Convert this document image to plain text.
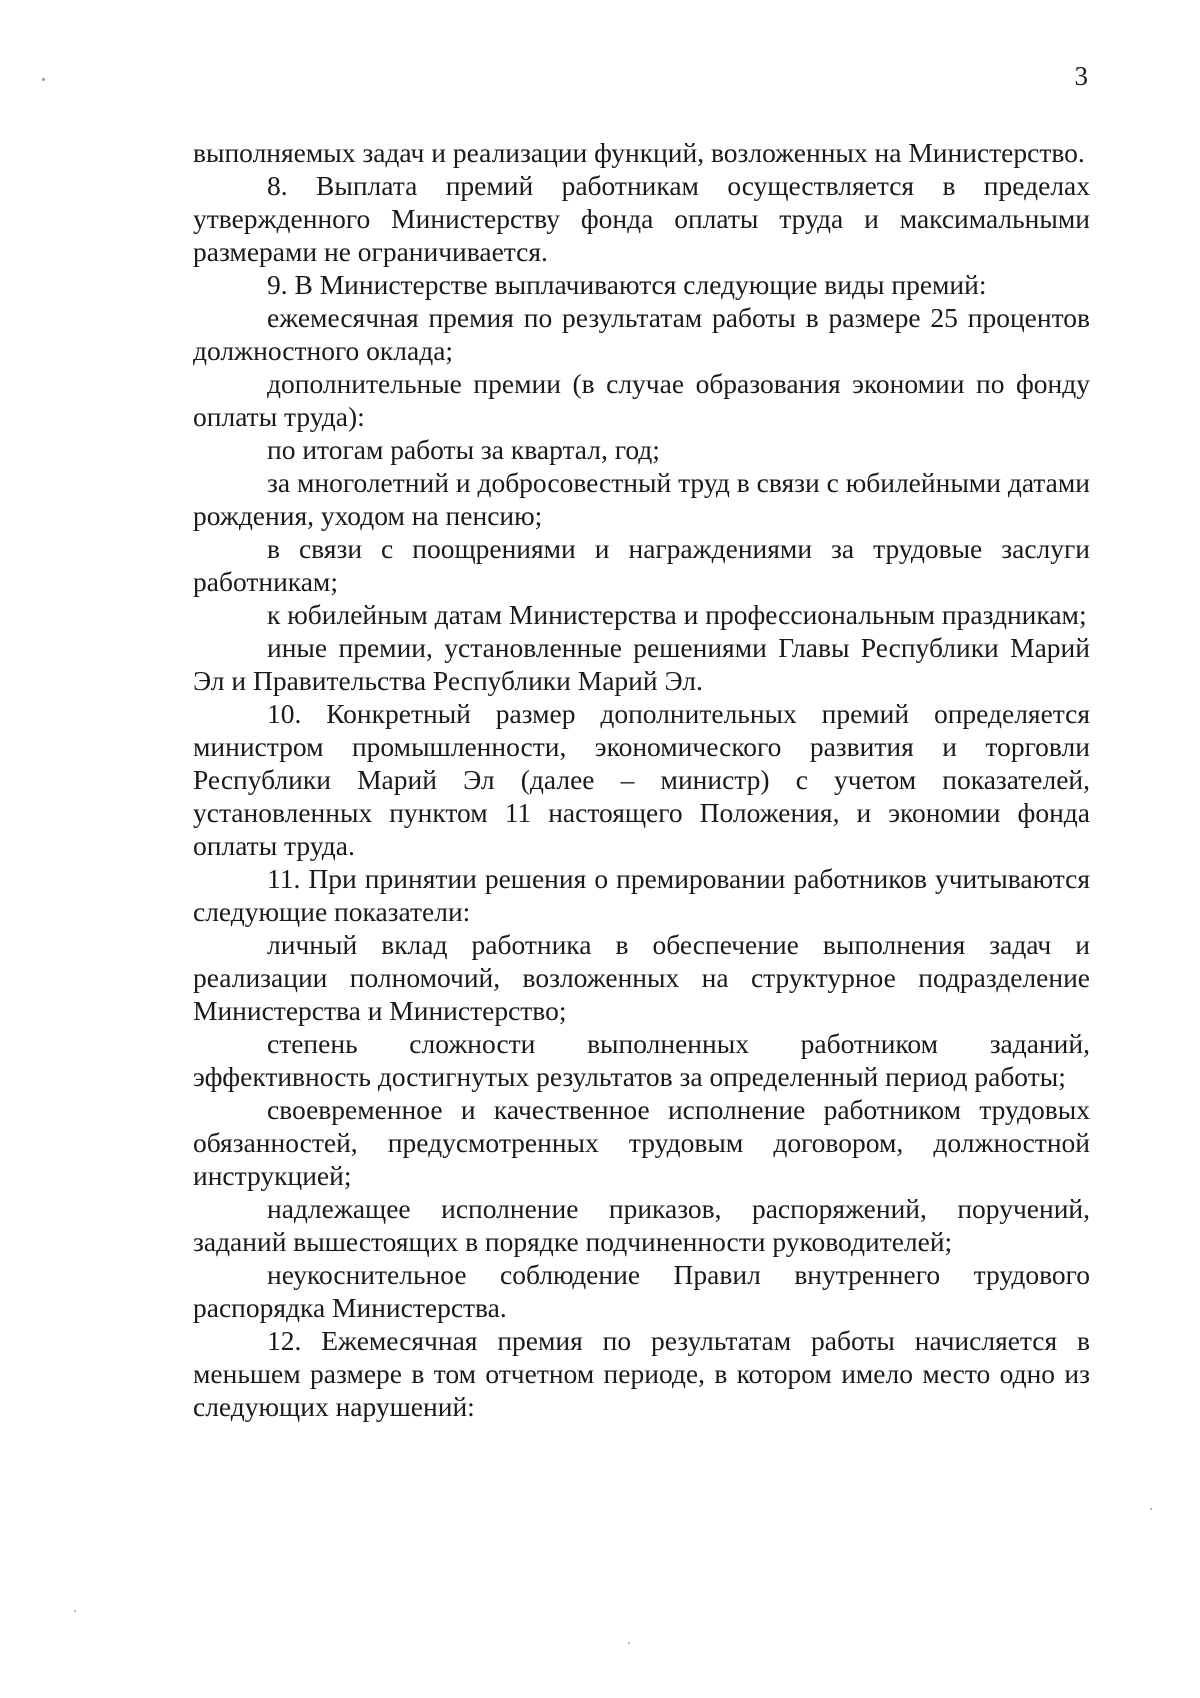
3

выполняемых задач и реализации функций, возложенных на Министерство.

8. Выплата премий работникам осуществляется в пределах утвержденного Министерству фонда оплаты труда и максимальными размерами не ограничивается.

9. В Министерстве выплачиваются следующие виды премий:

ежемесячная премия по результатам работы в размере 25 процентов должностного оклада;

дополнительные премии (в случае образования экономии по фонду оплаты труда):

по итогам работы за квартал, год;

за многолетний и добросовестный труд в связи с юбилейными датами рождения, уходом на пенсию;

в связи с поощрениями и награждениями за трудовые заслуги работникам;

к юбилейным датам Министерства и профессиональным праздникам;

иные премии, установленные решениями Главы Республики Марий Эл и Правительства Республики Марий Эл.

10. Конкретный размер дополнительных премий определяется министром промышленности, экономического развития и торговли Республики Марий Эл (далее – министр) с учетом показателей, установленных пунктом 11 настоящего Положения, и экономии фонда оплаты труда.

11. При принятии решения о премировании работников учитываются следующие показатели:

личный вклад работника в обеспечение выполнения задач и реализации полномочий, возложенных на структурное подразделение Министерства и Министерство;

степень сложности выполненных работником заданий, эффективность достигнутых результатов за определенный период работы;

своевременное и качественное исполнение работником трудовых обязанностей, предусмотренных трудовым договором, должностной инструкцией;

надлежащее исполнение приказов, распоряжений, поручений, заданий вышестоящих в порядке подчиненности руководителей;

неукоснительное соблюдение Правил внутреннего трудового распорядка Министерства.

12. Ежемесячная премия по результатам работы начисляется в меньшем размере в том отчетном периоде, в котором имело место одно из следующих нарушений:
